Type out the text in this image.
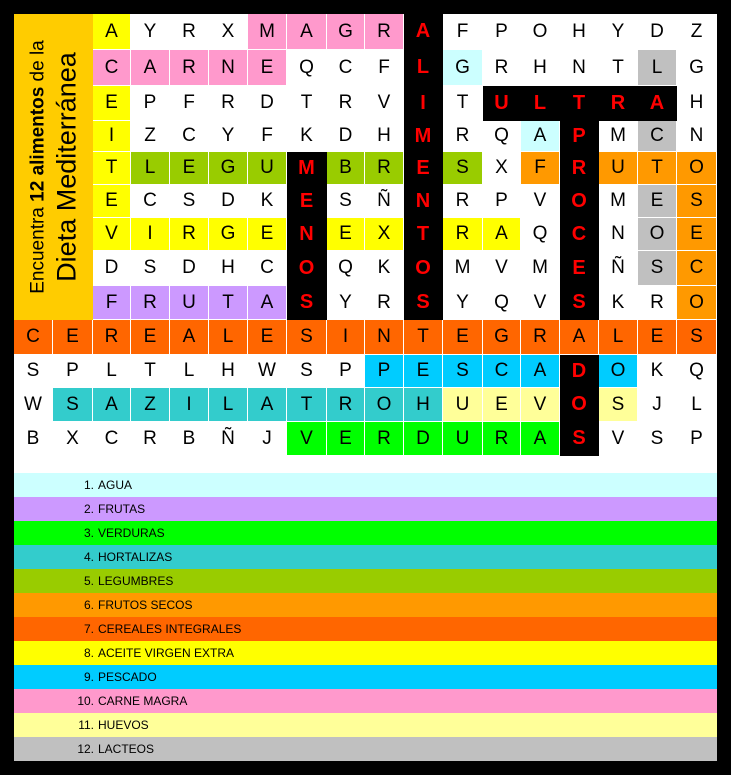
Encuentra 12 alimentos de la Dieta Mediterránea
A	Y	R	X	M	A	G	R	A	F	P	O	H	Y	D	Z
C	A	R	N	E	Q	C	F	L	G	R	H	N	T	L	G
E	P	F	R	D	T	R	V	I	T	U	L	T	R	A	H
I	Z	C	Y	F	K	D	H	M	R	Q	A	P	M	C	N
T	L	E	G	U	M	B	R	E	S	X	F	R	U	T	O
E	C	S	D	K	E	S	Ñ	N	R	P	V	O	M	E	S
V	I	R	G	E	N	E	X	T	R	A	Q	C	N	O	E
D	S	D	H	C	O	Q	K	O	M	V	M	E	Ñ	S	C
F	R	U	T	A	S	Y	R	S	Y	Q	V	S	K	R	O
C	E	R	E	A	L	E	S	I	N	T	E	G	R	A	L	E	S
S	P	L	T	L	H	W	S	P	P	E	S	C	A	D	O	K	Q
W	S	A	Z	I	L	A	T	R	O	H	U	E	V	O	S	J	L
B	X	C	R	B	Ñ	J	V	E	R	D	U	R	A	S	V	S	P
1. AGUA
2. FRUTAS
3. VERDURAS
4. HORTALIZAS
5. LEGUMBRES
6. FRUTOS SECOS
7. CEREALES INTEGRALES
8. ACEITE VIRGEN EXTRA
9. PESCADO
10. CARNE MAGRA
11. HUEVOS
12. LACTEOS
